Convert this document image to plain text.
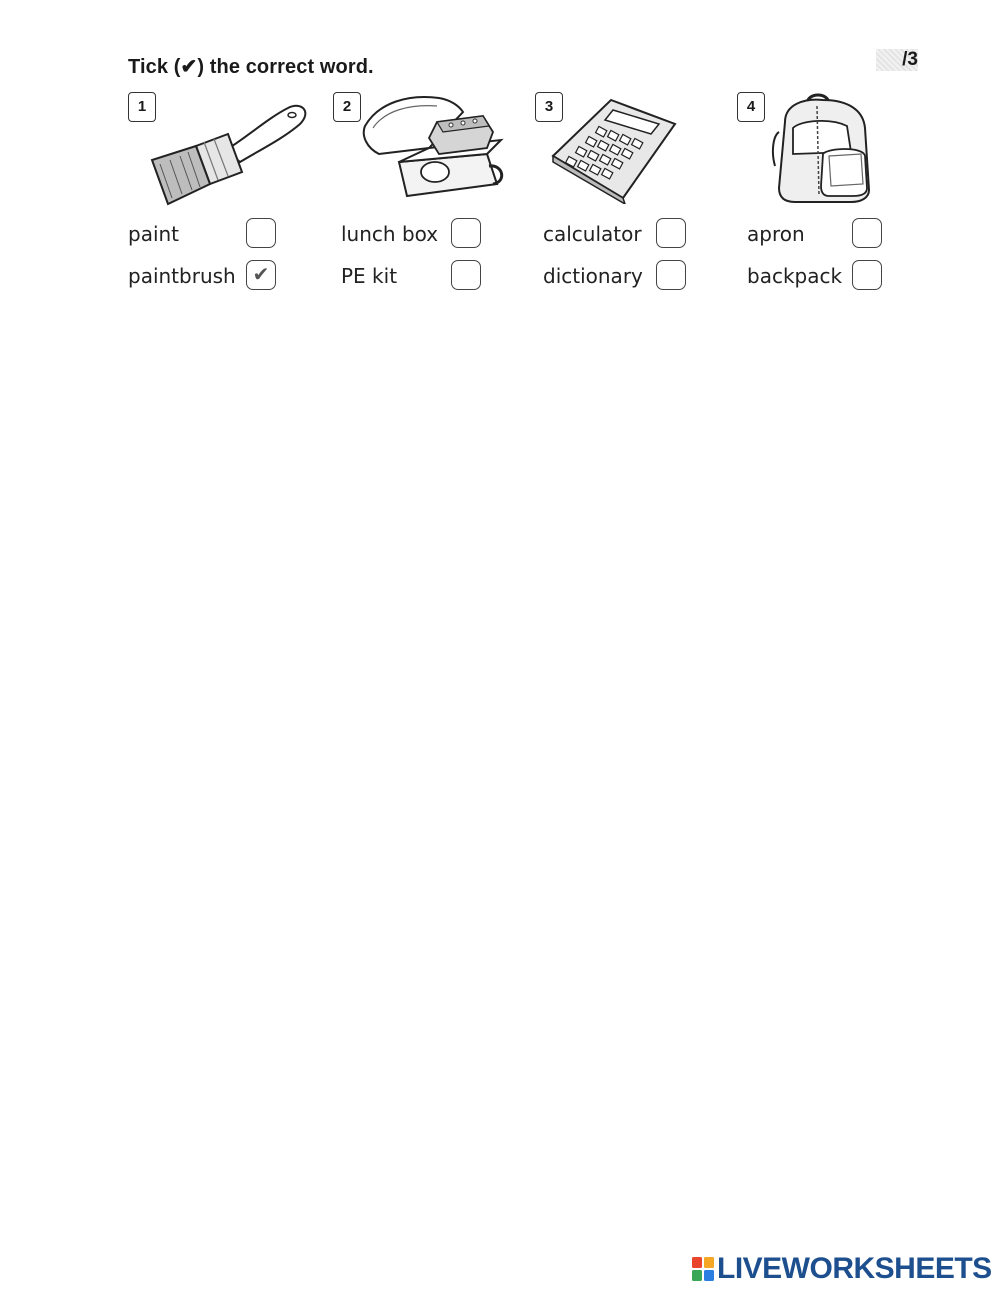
Tick (✔) the correct word.	/3
1
paint
paintbrush ✔
2
lunch box
PE kit
3
calculator
dictionary
4
apron
backpack
LIVEWORKSHEETS
